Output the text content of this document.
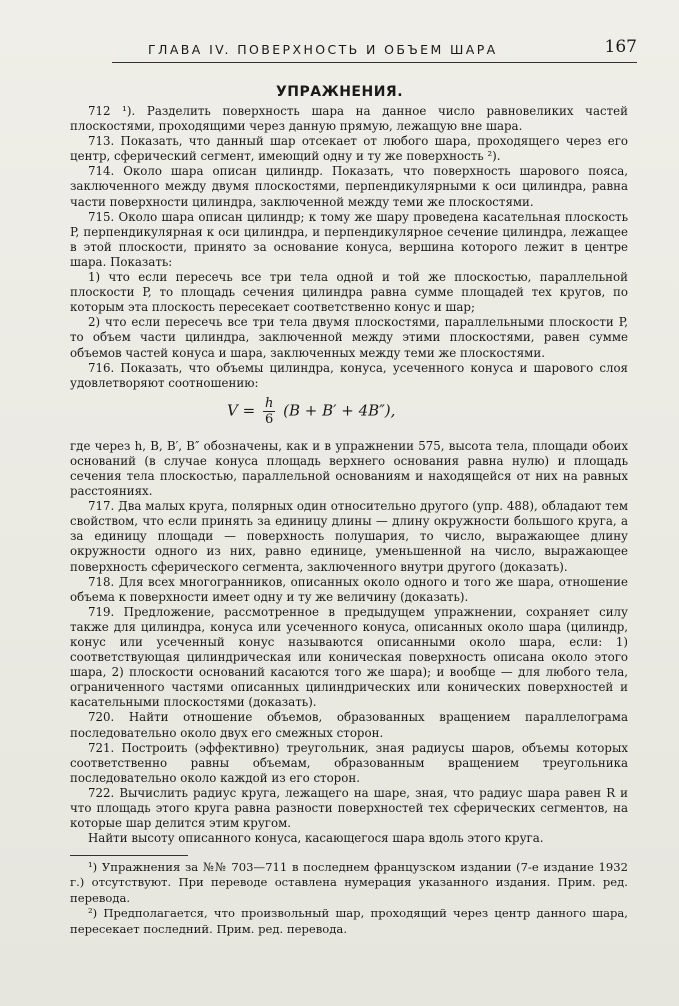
ГЛАВА IV. ПОВЕРХНОСТЬ И ОБЪЕМ ШАРА	167
УПРАЖНЕНИЯ.

712 ¹). Разделить поверхность шара на данное число равновеликих частей плоскостями, проходящими через данную прямую, лежащую вне шара.

713. Показать, что данный шар отсекает от любого шара, проходящего через его центр, сферический сегмент, имеющий одну и ту же поверхность ²).

714. Около шара описан цилиндр. Показать, что поверхность шарового пояса, заключенного между двумя плоскостями, перпендикулярными к оси цилиндра, равна части поверхности цилиндра, заключенной между теми же плоскостями.

715. Около шара описан цилиндр; к тому же шару проведена касательная плоскость P, перпендикулярная к оси цилиндра, и перпендикулярное сечение цилиндра, лежащее в этой плоскости, принято за основание конуса, вершина которого лежит в центре шара. Показать:

1) что если пересечь все три тела одной и той же плоскостью, параллельной плоскости P, то площадь сечения цилиндра равна сумме площадей тех кругов, по которым эта плоскость пересекает соответственно конус и шар;

2) что если пересечь все три тела двумя плоскостями, параллельными плоскости P, то объем части цилиндра, заключенной между этими плоскостями, равен сумме объемов частей конуса и шара, заключенных между теми же плоскостями.

716. Показать, что объемы цилиндра, конуса, усеченного конуса и шарового слоя удовлетворяют соотношению:

$V = \frac{h}{6} (B + B' + 4B'')$,

где через h, B, B′, B″ обозначены, как и в упражнении 575, высота тела, площади обоих оснований (в случае конуса площадь верхнего основания равна нулю) и площадь сечения тела плоскостью, параллельной основаниям и находящейся от них на равных расстояниях.

717. Два малых круга, полярных один относительно другого (упр. 488), обладают тем свойством, что если принять за единицу длины — длину окружности большого круга, а за единицу площади — поверхность полушария, то число, выражающее длину окружности одного из них, равно единице, уменьшенной на число, выражающее поверхность сферического сегмента, заключенного внутри другого (доказать).

718. Для всех многогранников, описанных около одного и того же шара, отношение объема к поверхности имеет одну и ту же величину (доказать).

719. Предложение, рассмотренное в предыдущем упражнении, сохраняет силу также для цилиндра, конуса или усеченного конуса, описанных около шара (цилиндр, конус или усеченный конус называются описанными около шара, если: 1) соответствующая цилиндрическая или коническая поверхность описана около этого шара, 2) плоскости оснований касаются того же шара); и вообще — для любого тела, ограниченного частями описанных цилиндрических или конических поверхностей и касательными плоскостями (доказать).

720. Найти отношение объемов, образованных вращением параллелограма последовательно около двух его смежных сторон.

721. Построить (эффективно) треугольник, зная радиусы шаров, объемы которых соответственно равны объемам, образованным вращением треугольника последовательно около каждой из его сторон.

722. Вычислить радиус круга, лежащего на шаре, зная, что радиус шара равен R и что площадь этого круга равна разности поверхностей тех сферических сегментов, на которые шар делится этим кругом.

Найти высоту описанного конуса, касающегося шара вдоль этого круга.

¹) Упражнения за №№ 703—711 в последнем французском издании (7-е издание 1932 г.) отсутствуют. При переводе оставлена нумерация указанного издания. Прим. ред. перевода.

²) Предполагается, что произвольный шар, проходящий через центр данного шара, пересекает последний. Прим. ред. перевода.
